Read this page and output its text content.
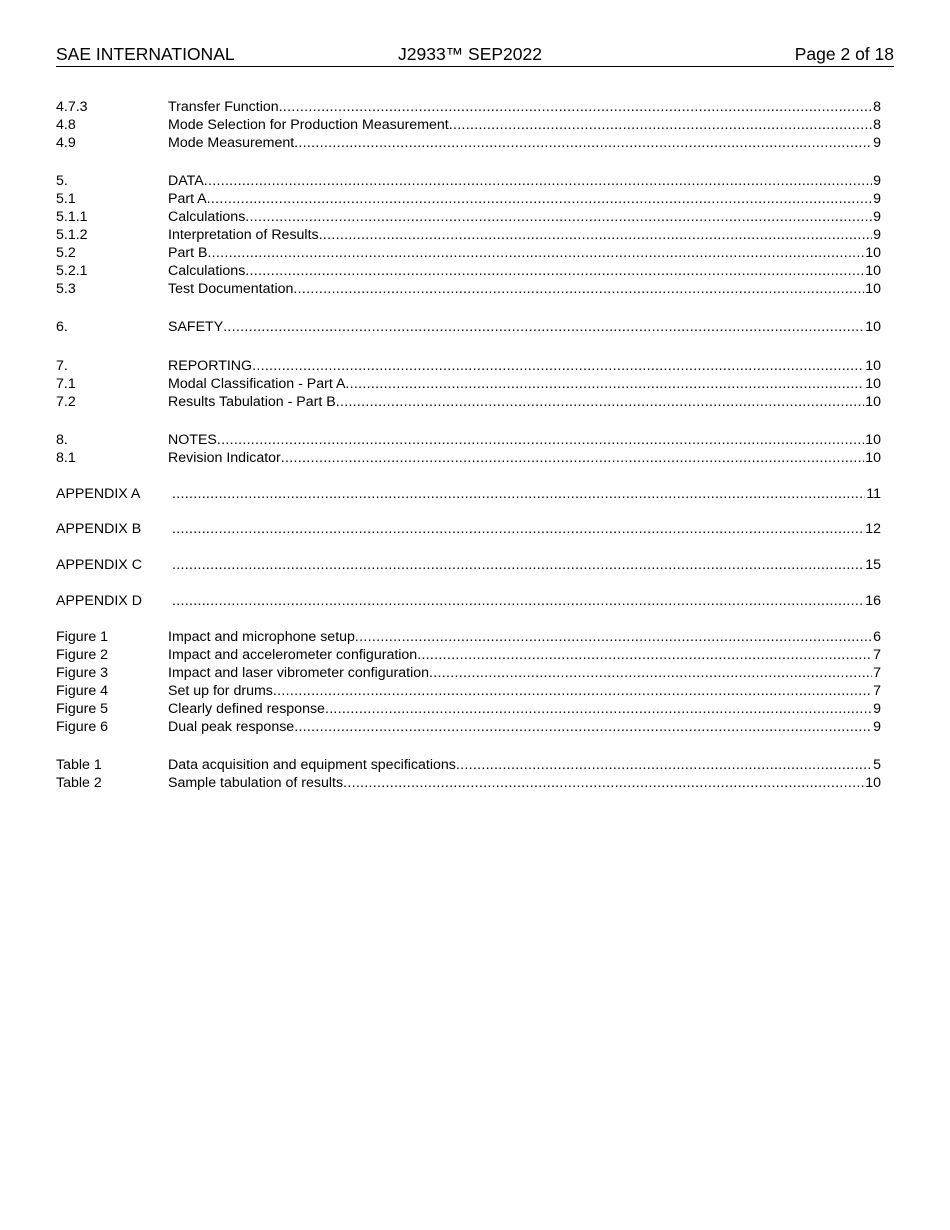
SAE INTERNATIONAL	J2933™ SEP2022	Page 2 of 18
4.7.3	Transfer Function .....	8
4.8	Mode Selection for Production Measurement .....	8
4.9	Mode Measurement .....	9
5.	DATA .....	9
5.1	Part A .....	9
5.1.1	Calculations .....	9
5.1.2	Interpretation of Results .....	9
5.2	Part B .....	10
5.2.1	Calculations .....	10
5.3	Test Documentation .....	10
6.	SAFETY .....	10
7.	REPORTING .....	10
7.1	Modal Classification - Part A .....	10
7.2	Results Tabulation - Part B .....	10
8.	NOTES .....	10
8.1	Revision Indicator .....	10
APPENDIX A .....	11
APPENDIX B .....	12
APPENDIX C .....	15
APPENDIX D .....	16
Figure 1	Impact and microphone setup .....	6
Figure 2	Impact and accelerometer configuration .....	7
Figure 3	Impact and laser vibrometer configuration .....	7
Figure 4	Set up for drums .....	7
Figure 5	Clearly defined response .....	9
Figure 6	Dual peak response .....	9
Table 1	Data acquisition and equipment specifications .....	5
Table 2	Sample tabulation of results .....	10
